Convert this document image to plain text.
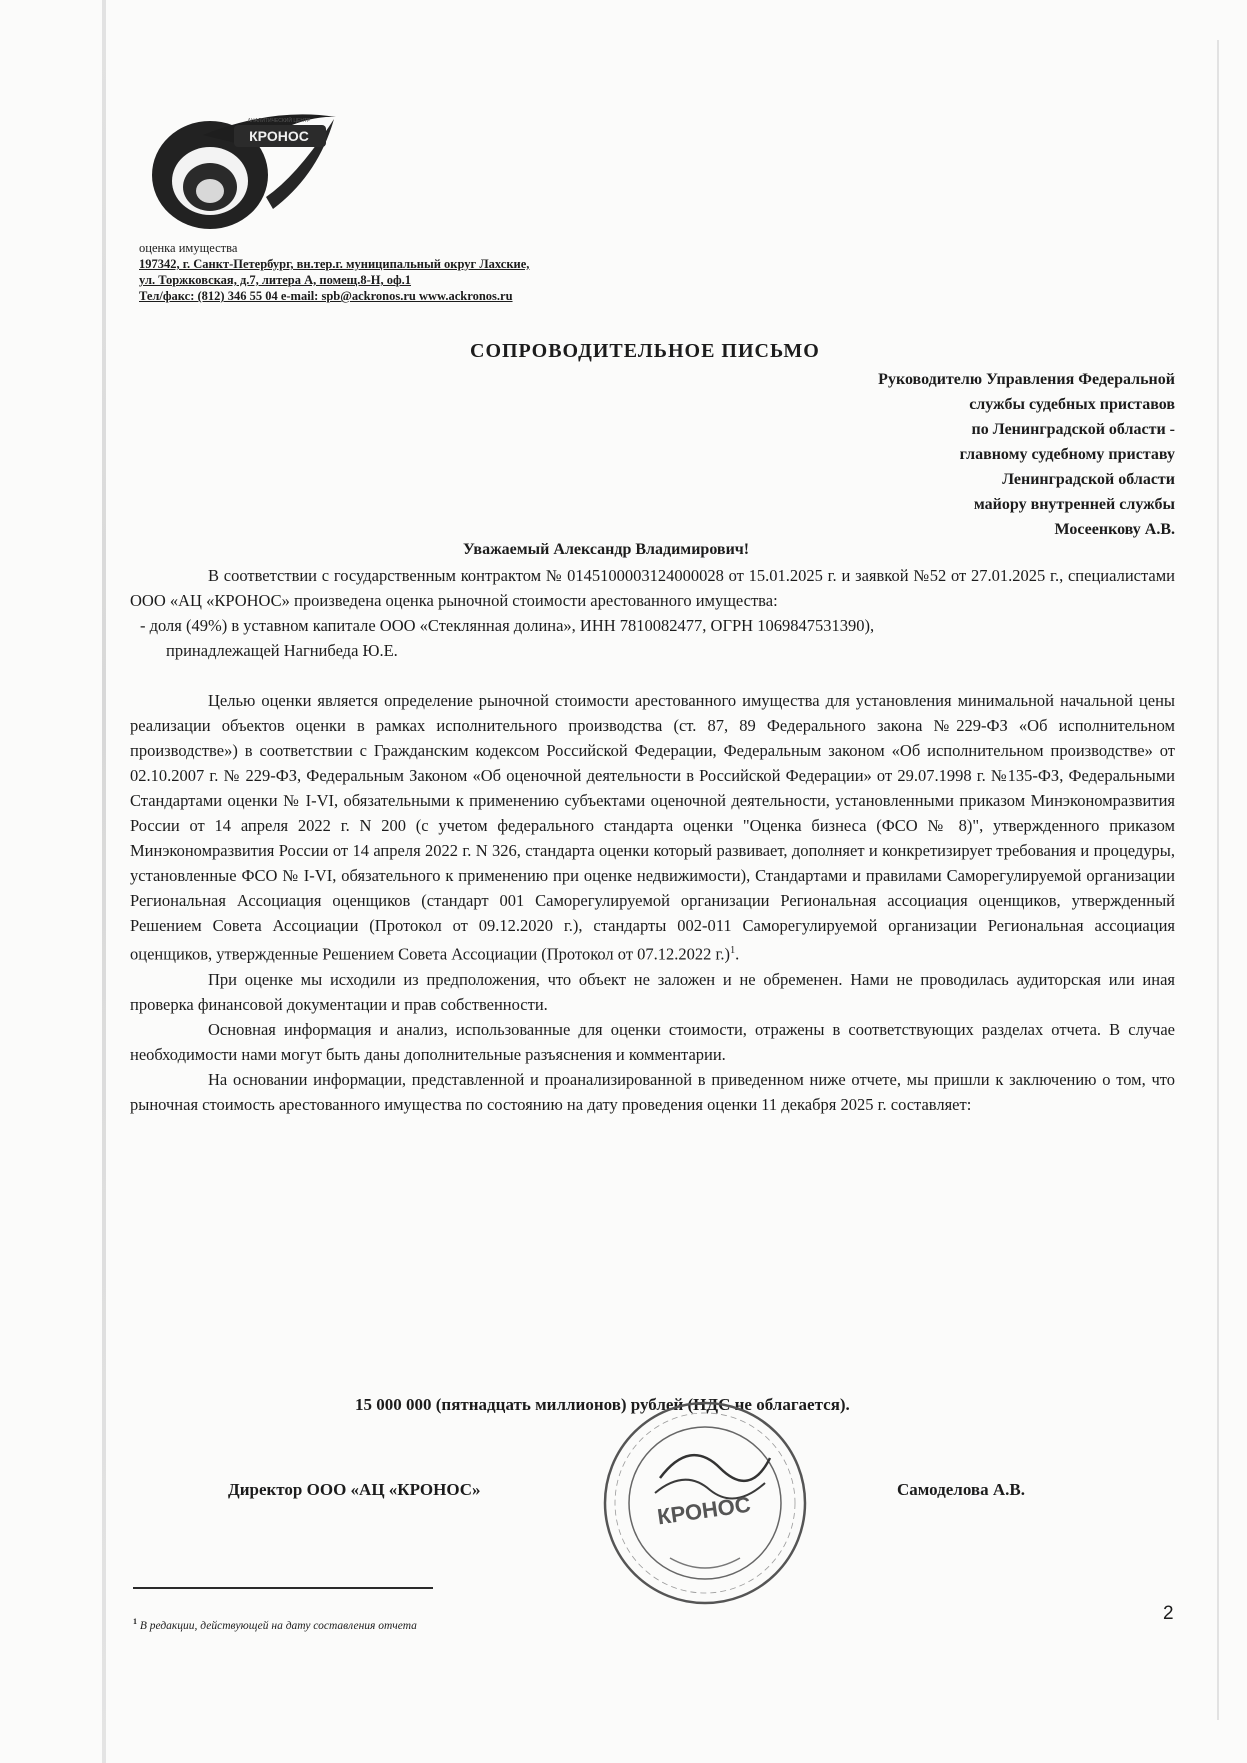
КРОНОС
АНАЛИТИЧЕСКИЙ ЦЕНТР
оценка имущества
197342, г. Санкт-Петербург, вн.тер.г. муниципальный округ Лахские,
ул. Торжковская, д.7, литера А, помещ.8-Н, оф.1
Тел/факс: (812) 346 55 04 e-mail: spb@ackronos.ru www.ackronos.ru
СОПРОВОДИТЕЛЬНОЕ ПИСЬМО
Руководителю Управления Федеральной
службы судебных приставов
по Ленинградской области -
главному судебному приставу
Ленинградской области
майору внутренней службы
Мосеенкову А.В.
Уважаемый Александр Владимирович!

В соответствии с государственным контрактом № 0145100003124000028 от 15.01.2025 г. и заявкой №52 от 27.01.2025 г., специалистами ООО «АЦ «КРОНОС» произведена оценка рыночной стоимости арестованного имущества:

- доля (49%) в уставном капитале ООО «Стеклянная долина», ИНН 7810082477, ОГРН 1069847531390),

принадлежащей Нагнибеда Ю.Е.

Целью оценки является определение рыночной стоимости арестованного имущества для установления минимальной начальной цены реализации объектов оценки в рамках исполнительного производства (ст. 87, 89 Федерального закона №229-ФЗ «Об исполнительном производстве») в соответствии с Гражданским кодексом Российской Федерации, Федеральным законом «Об исполнительном производстве» от 02.10.2007 г. № 229-ФЗ, Федеральным Законом «Об оценочной деятельности в Российской Федерации» от 29.07.1998 г. №135-ФЗ, Федеральными Стандартами оценки № I-VI, обязательными к применению субъектами оценочной деятельности, установленными приказом Минэкономразвития России от 14 апреля 2022 г. N 200 (с учетом федерального стандарта оценки "Оценка бизнеса (ФСО № 8)", утвержденного приказом Минэкономразвития России от 14 апреля 2022 г. N 326, стандарта оценки который развивает, дополняет и конкретизирует требования и процедуры, установленные ФСО № I-VI, обязательного к применению при оценке недвижимости), Стандартами и правилами Саморегулируемой организации Региональная Ассоциация оценщиков (стандарт 001 Саморегулируемой организации Региональная ассоциация оценщиков, утвержденный Решением Совета Ассоциации (Протокол от 09.12.2020 г.), стандарты 002-011 Саморегулируемой организации Региональная ассоциация оценщиков, утвержденные Решением Совета Ассоциации (Протокол от 07.12.2022 г.)$^1$.

При оценке мы исходили из предположения, что объект не заложен и не обременен. Нами не проводилась аудиторская или иная проверка финансовой документации и прав собственности.

Основная информация и анализ, использованные для оценки стоимости, отражены в соответствующих разделах отчета. В случае необходимости нами могут быть даны дополнительные разъяснения и комментарии.

На основании информации, представленной и проанализированной в приведенном ниже отчете, мы пришли к заключению о том, что рыночная стоимость арестованного имущества по состоянию на дату проведения оценки 11 декабря 2025 г. составляет:

15 000 000 (пятнадцать миллионов) рублей (НДС не облагается).
Директор ООО «АЦ «КРОНОС»	Самоделова А.В.
КРОНОС
$^1$ В редакции, действующей на дату составления отчета
2
